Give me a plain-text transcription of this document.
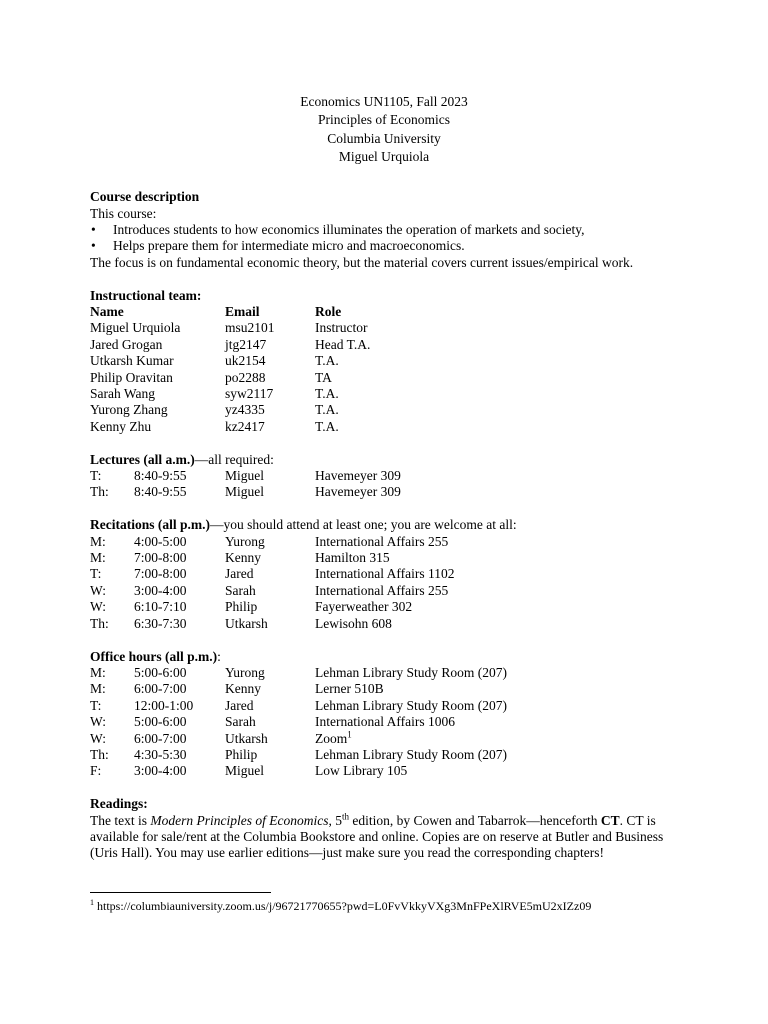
Economics UN1105, Fall 2023
Principles of Economics
Columbia University
Miguel Urquiola
Course description
This course:
• Introduces students to how economics illuminates the operation of markets and society,
• Helps prepare them for intermediate micro and macroeconomics.
The focus is on fundamental economic theory, but the material covers current issues/empirical work.
Instructional team:
Name	Email	Role
Miguel Urquiola	msu2101	Instructor
Jared Grogan	jtg2147	Head T.A.
Utkarsh Kumar	uk2154	T.A.
Philip Oravitan	po2288	TA
Sarah Wang	syw2117	T.A.
Yurong Zhang	yz4335	T.A.
Kenny Zhu	kz2417	T.A.
Lectures (all a.m.)—all required:
T:	8:40-9:55	Miguel	Havemeyer 309
Th:	8:40-9:55	Miguel	Havemeyer 309
Recitations (all p.m.)—you should attend at least one; you are welcome at all:
M:	4:00-5:00	Yurong	International Affairs 255
M:	7:00-8:00	Kenny	Hamilton 315
T:	7:00-8:00	Jared	International Affairs 1102
W:	3:00-4:00	Sarah	International Affairs 255
W:	6:10-7:10	Philip	Fayerweather 302
Th:	6:30-7:30	Utkarsh	Lewisohn 608
Office hours (all p.m.):
M:	5:00-6:00	Yurong	Lehman Library Study Room (207)
M:	6:00-7:00	Kenny	Lerner 510B
T:	12:00-1:00	Jared	Lehman Library Study Room (207)
W:	5:00-6:00	Sarah	International Affairs 1006
W:	6:00-7:00	Utkarsh	Zoom$^1$
Th:	4:30-5:30	Philip	Lehman Library Study Room (207)
F:	3:00-4:00	Miguel	Low Library 105
Readings:
The text is Modern Principles of Economics, 5th edition, by Cowen and Tabarrok—henceforth CT. CT is available for sale/rent at the Columbia Bookstore and online. Copies are on reserve at Butler and Business (Uris Hall). You may use earlier editions—just make sure you read the corresponding chapters!
$^1$ https://columbiauniversity.zoom.us/j/96721770655?pwd=L0FvVkkyVXg3MnFPeXlRVE5mU2xIZz09
